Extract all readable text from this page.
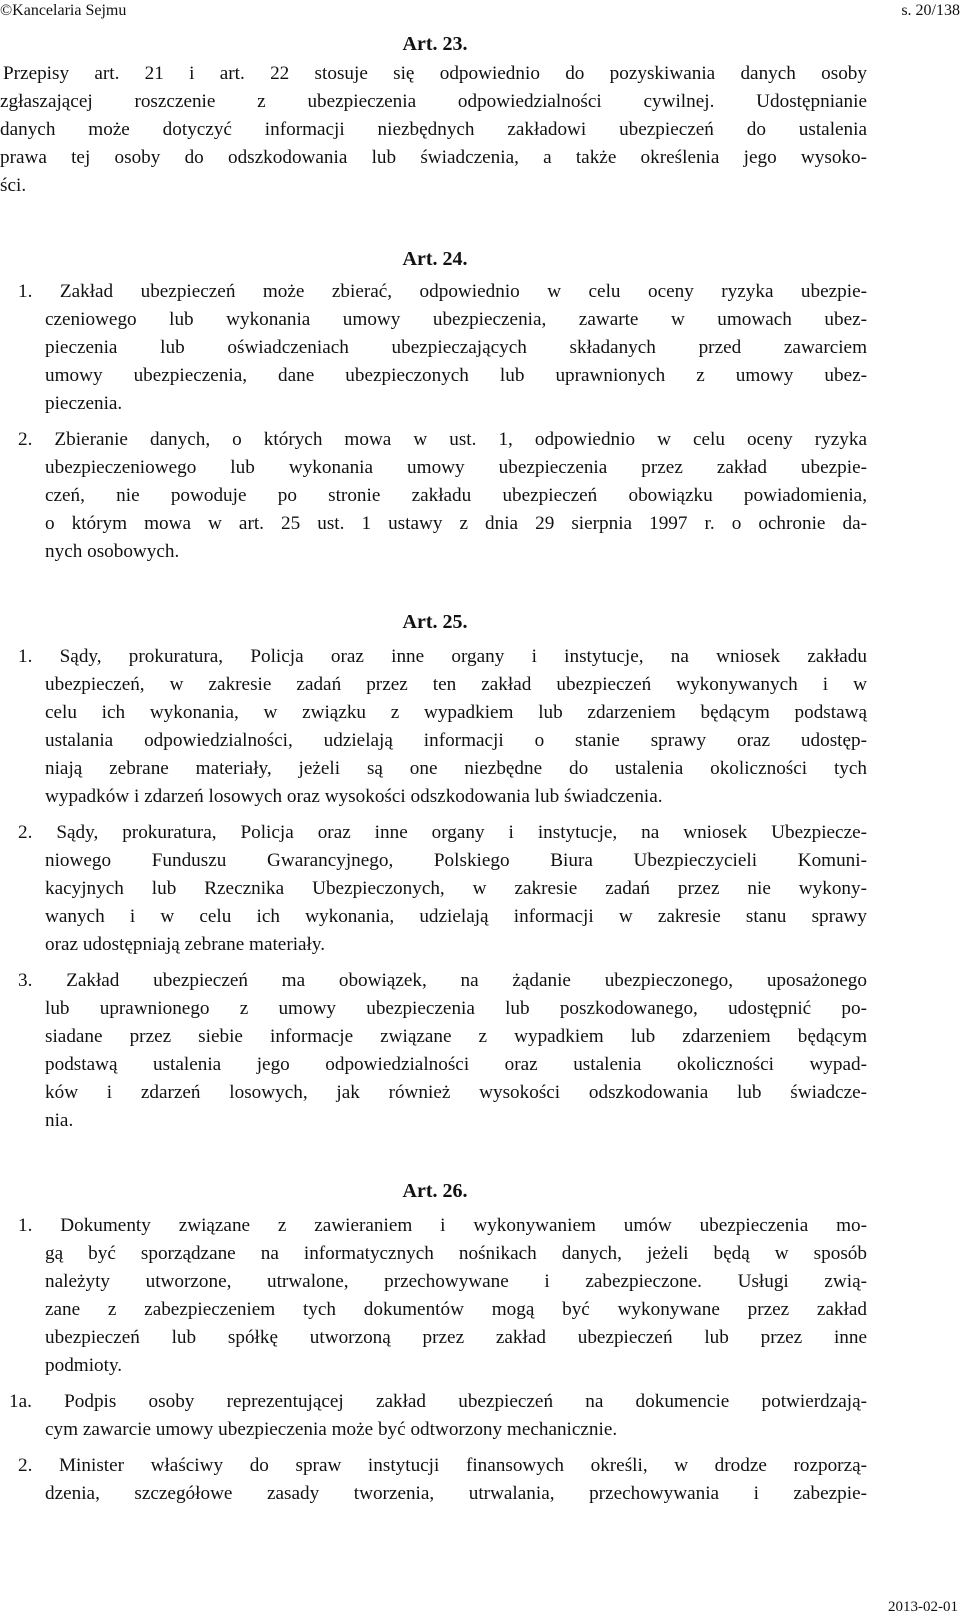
©Kancelaria Sejmu	s. 20/138
Art. 23.
Przepisy art. 21 i art. 22 stosuje się odpowiednio do pozyskiwania danych osoby
zgłaszającej roszczenie z ubezpieczenia odpowiedzialności cywilnej. Udostępnianie
danych może dotyczyć informacji niezbędnych zakładowi ubezpieczeń do ustalenia
prawa tej osoby do odszkodowania lub świadczenia, a także określenia jego wysoko-
ści.
Art. 24.
1. Zakład ubezpieczeń może zbierać, odpowiednio w celu oceny ryzyka ubezpie-
czeniowego lub wykonania umowy ubezpieczenia, zawarte w umowach ubez-
pieczenia lub oświadczeniach ubezpieczających składanych przed zawarciem
umowy ubezpieczenia, dane ubezpieczonych lub uprawnionych z umowy ubez-
pieczenia.
2. Zbieranie danych, o których mowa w ust. 1, odpowiednio w celu oceny ryzyka
ubezpieczeniowego lub wykonania umowy ubezpieczenia przez zakład ubezpie-
czeń, nie powoduje po stronie zakładu ubezpieczeń obowiązku powiadomienia,
o którym mowa w art. 25 ust. 1 ustawy z dnia 29 sierpnia 1997 r. o ochronie da-
nych osobowych.
Art. 25.
1. Sądy, prokuratura, Policja oraz inne organy i instytucje, na wniosek zakładu
ubezpieczeń, w zakresie zadań przez ten zakład ubezpieczeń wykonywanych i w
celu ich wykonania, w związku z wypadkiem lub zdarzeniem będącym podstawą
ustalania odpowiedzialności, udzielają informacji o stanie sprawy oraz udostęp-
niają zebrane materiały, jeżeli są one niezbędne do ustalenia okoliczności tych
wypadków i zdarzeń losowych oraz wysokości odszkodowania lub świadczenia.
2. Sądy, prokuratura, Policja oraz inne organy i instytucje, na wniosek Ubezpiecze-
niowego Funduszu Gwarancyjnego, Polskiego Biura Ubezpieczycieli Komuni-
kacyjnych lub Rzecznika Ubezpieczonych, w zakresie zadań przez nie wykony-
wanych i w celu ich wykonania, udzielają informacji w zakresie stanu sprawy
oraz udostępniają zebrane materiały.
3. Zakład ubezpieczeń ma obowiązek, na żądanie ubezpieczonego, uposażonego
lub uprawnionego z umowy ubezpieczenia lub poszkodowanego, udostępnić po-
siadane przez siebie informacje związane z wypadkiem lub zdarzeniem będącym
podstawą ustalenia jego odpowiedzialności oraz ustalenia okoliczności wypad-
ków i zdarzeń losowych, jak również wysokości odszkodowania lub świadcze-
nia.
Art. 26.
1. Dokumenty związane z zawieraniem i wykonywaniem umów ubezpieczenia mo-
gą być sporządzane na informatycznych nośnikach danych, jeżeli będą w sposób
należyty utworzone, utrwalone, przechowywane i zabezpieczone. Usługi zwią-
zane z zabezpieczeniem tych dokumentów mogą być wykonywane przez zakład
ubezpieczeń lub spółkę utworzoną przez zakład ubezpieczeń lub przez inne
podmioty.
1a. Podpis osoby reprezentującej zakład ubezpieczeń na dokumencie potwierdzają-
cym zawarcie umowy ubezpieczenia może być odtworzony mechanicznie.
2. Minister właściwy do spraw instytucji finansowych określi, w drodze rozporzą-
dzenia, szczegółowe zasady tworzenia, utrwalania, przechowywania i zabezpie-
2013-02-01
